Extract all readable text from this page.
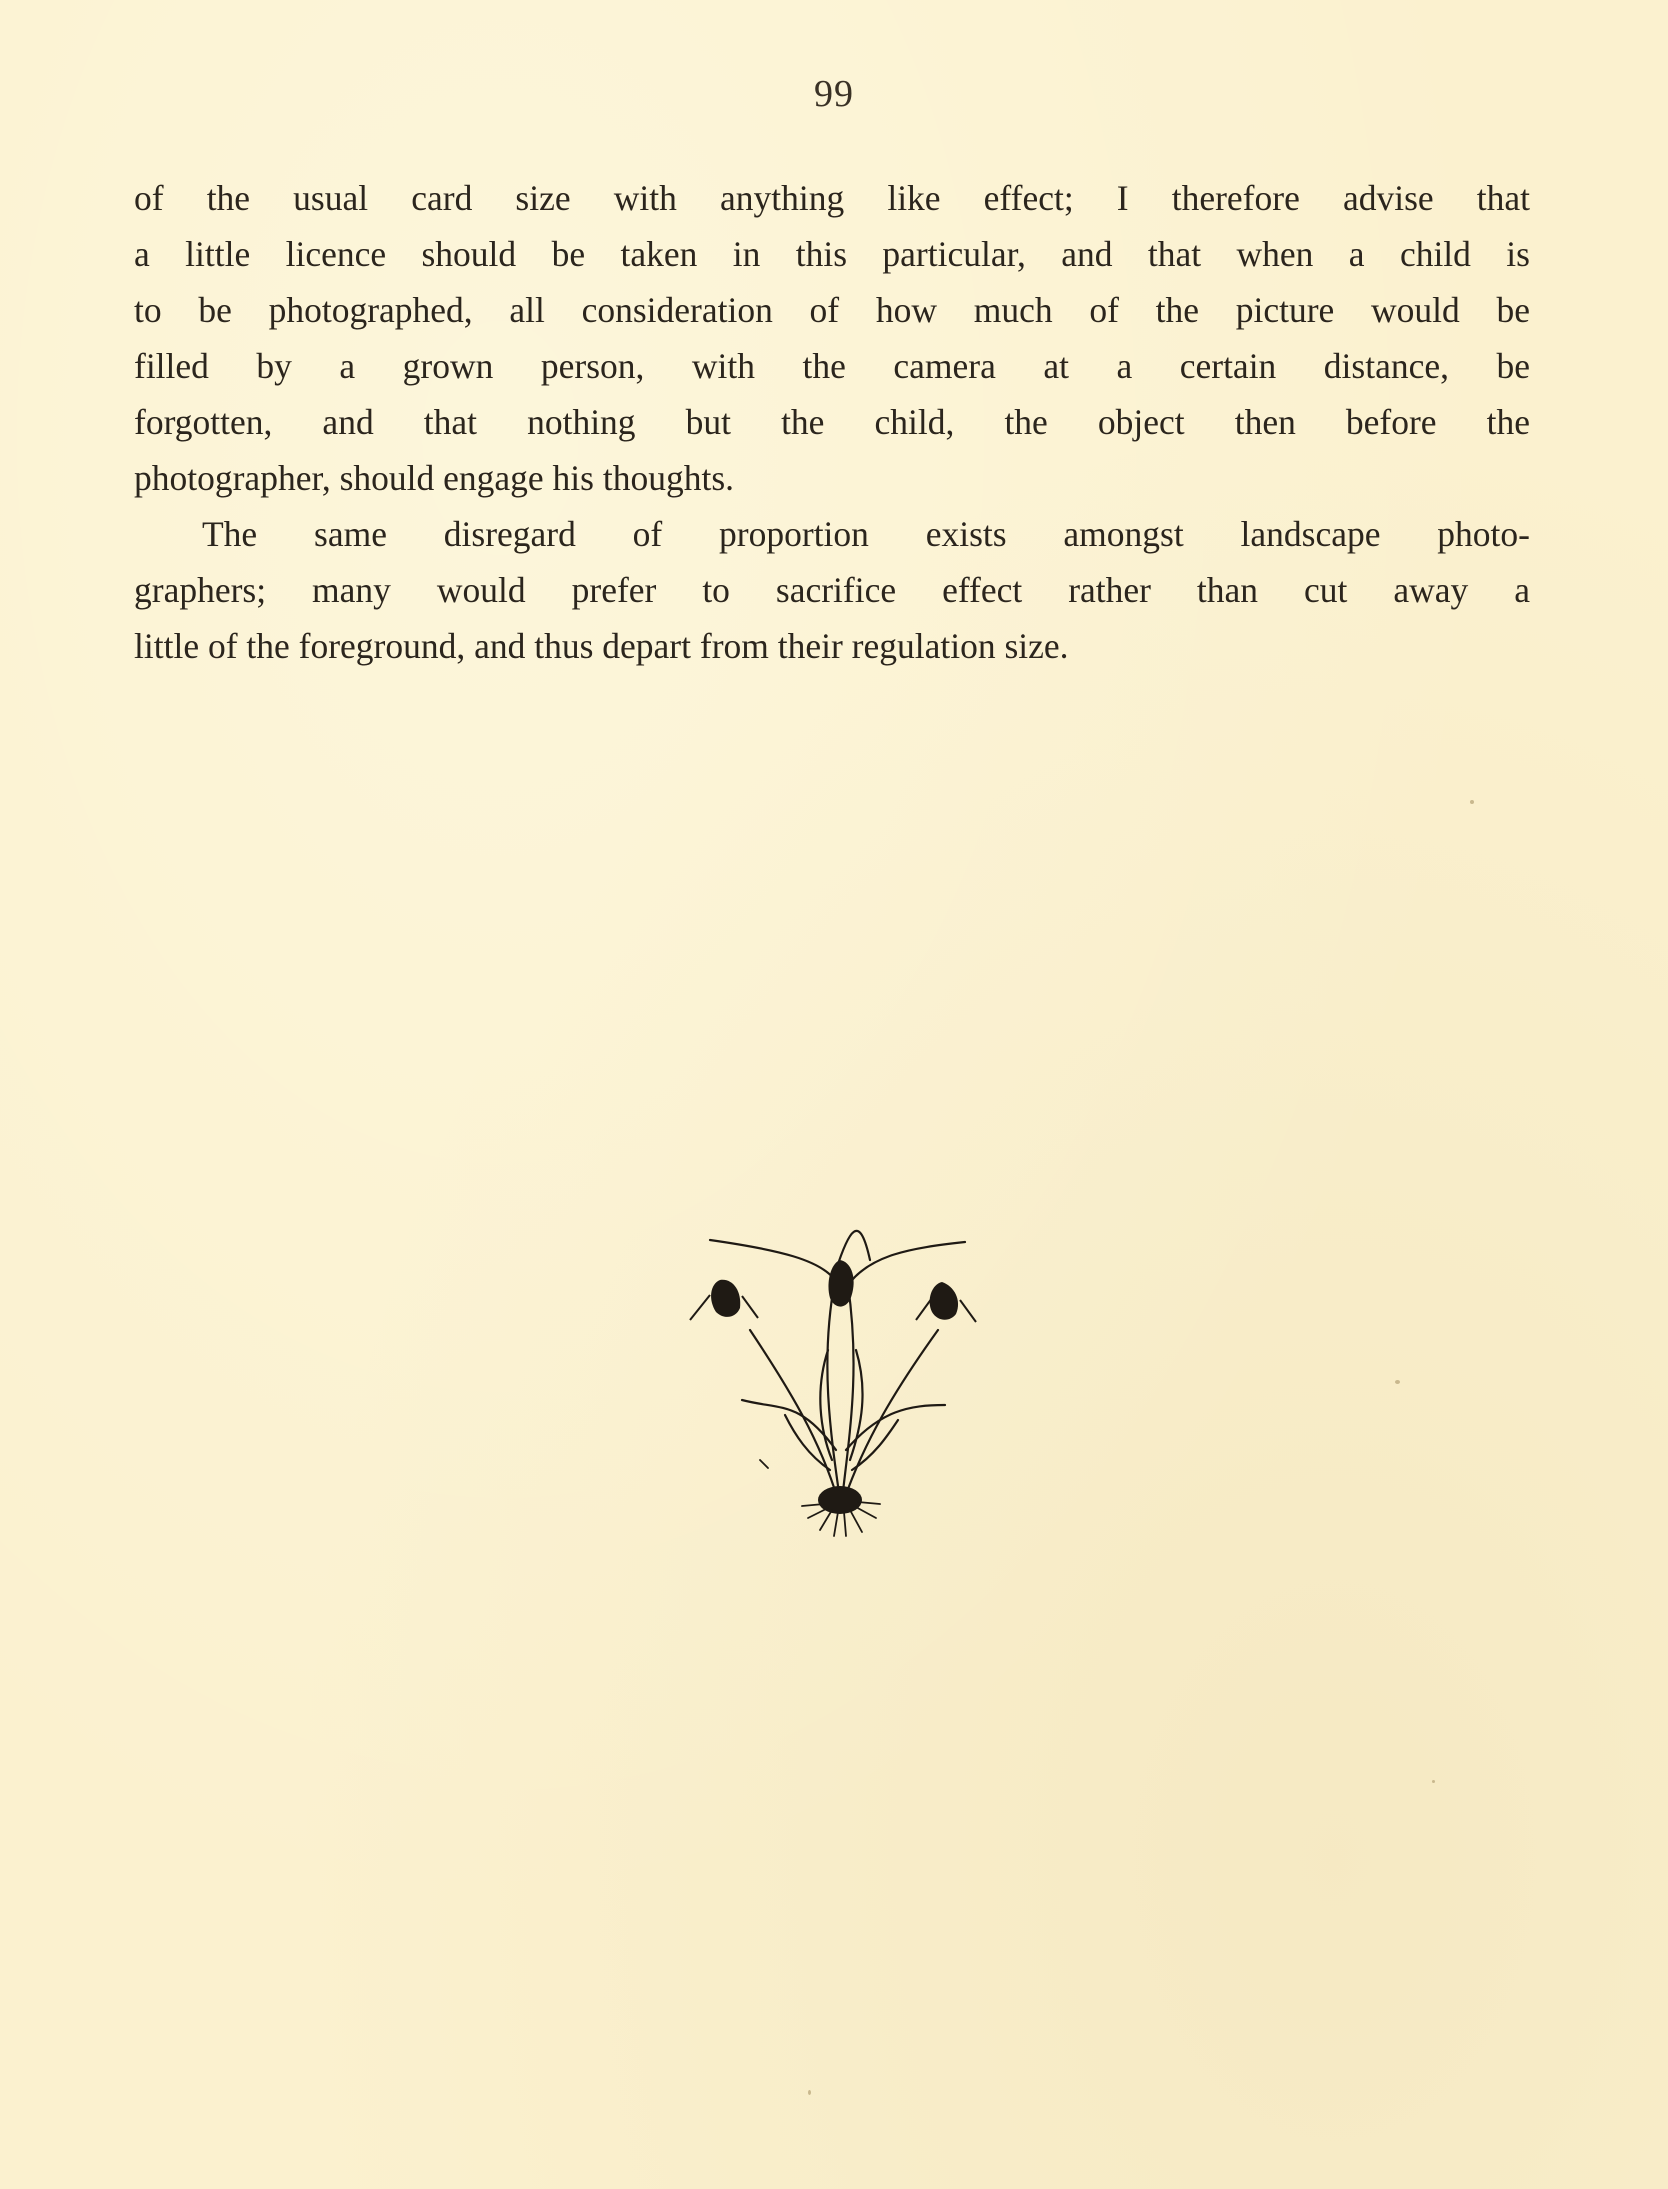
99
of the usual card size with anything like effect; I therefore advise that
a little licence should be taken in this particular, and that when a child is
to be photographed, all consideration of how much of the picture would be
filled by a grown person, with the camera at a certain distance, be
forgotten, and that nothing but the child, the object then before the
photographer, should engage his thoughts.
The same disregard of proportion exists amongst landscape photo-
graphers; many would prefer to sacrifice effect rather than cut away a
little of the foreground, and thus depart from their regulation size.
